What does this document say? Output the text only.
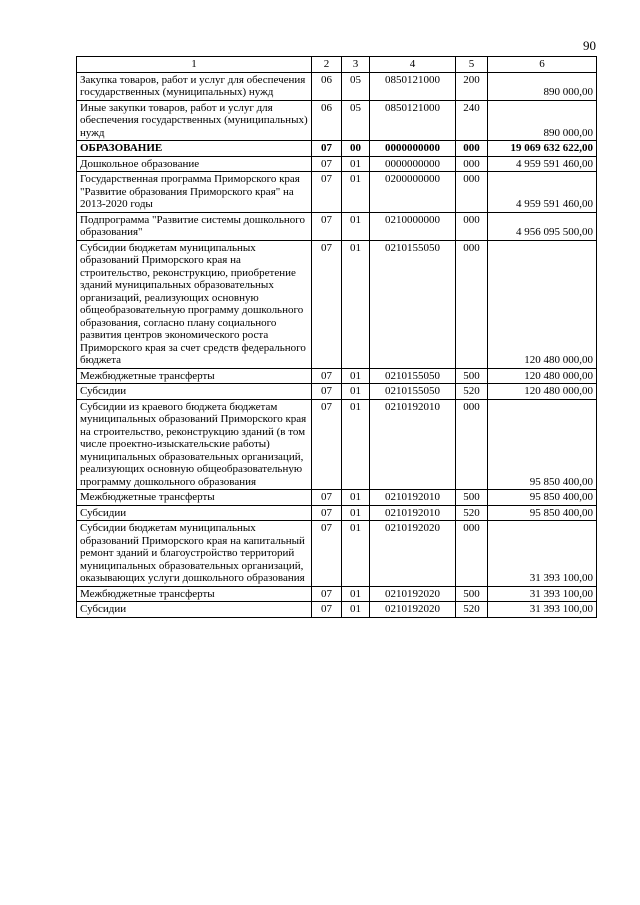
90
1	2	3	4	5	6
Закупка товаров, работ и услуг для обеспечения государственных (муниципальных) нужд	06	05	0850121000	200	890 000,00
Иные закупки товаров, работ и услуг для обеспечения государственных (муниципальных) нужд	06	05	0850121000	240	890 000,00
ОБРАЗОВАНИЕ	07	00	0000000000	000	19 069 632 622,00
Дошкольное образование	07	01	0000000000	000	4 959 591 460,00
Государственная программа Приморского края "Развитие образования Приморского края" на 2013-2020 годы	07	01	0200000000	000	4 959 591 460,00
Подпрограмма "Развитие системы дошкольного образования"	07	01	0210000000	000	4 956 095 500,00
Субсидии бюджетам муниципальных образований Приморского края на строительство, реконструкцию, приобретение зданий муниципальных образовательных организаций, реализующих основную общеобразовательную программу дошкольного образования, согласно плану социального развития центров экономического роста Приморского края за счет средств федерального бюджета	07	01	0210155050	000	120 480 000,00
Межбюджетные трансферты	07	01	0210155050	500	120 480 000,00
Субсидии	07	01	0210155050	520	120 480 000,00
Субсидии из краевого бюджета бюджетам муниципальных образований Приморского края на строительство, реконструкцию зданий (в том числе проектно-изыскательские работы) муниципальных образовательных организаций, реализующих основную общеобразовательную программу дошкольного образования	07	01	0210192010	000	95 850 400,00
Межбюджетные трансферты	07	01	0210192010	500	95 850 400,00
Субсидии	07	01	0210192010	520	95 850 400,00
Субсидии бюджетам муниципальных образований Приморского края на капитальный ремонт зданий и благоустройство территорий муниципальных образовательных организаций, оказывающих услуги дошкольного образования	07	01	0210192020	000	31 393 100,00
Межбюджетные трансферты	07	01	0210192020	500	31 393 100,00
Субсидии	07	01	0210192020	520	31 393 100,00
